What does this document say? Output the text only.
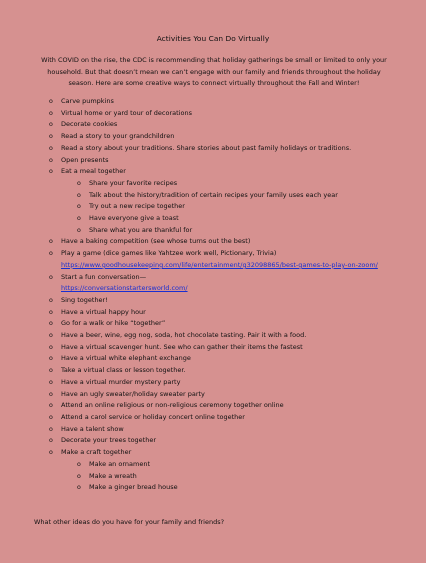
Activities You Can Do Virtually
With COVID on the rise, the CDC is recommending that holiday gatherings be small or limited to only your household. But that doesn’t mean we can’t engage with our family and friends throughout the holiday season. Here are some creative ways to connect virtually throughout the Fall and Winter!
o Carve pumpkins
o Virtual home or yard tour of decorations
o Decorate cookies
o Read a story to your grandchildren
o Read a story about your traditions. Share stories about past family holidays or traditions.
o Open presents
o Eat a meal together
o Share your favorite recipes
o Talk about the history/tradition of certain recipes your family uses each year
o Try out a new recipe together
o Have everyone give a toast
o Share what you are thankful for
o Have a baking competition (see whose turns out the best)
o Play a game (dice games like Yahtzee work well, Pictionary, Trivia)
https://www.goodhousekeeping.com/life/entertainment/g32098865/best-games-to-play-on-zoom/
o Start a fun conversation—
https://conversationstartersworld.com/
o Sing together!
o Have a virtual happy hour
o Go for a walk or hike “together”
o Have a beer, wine, egg nog, soda, hot chocolate tasting. Pair it with a food.
o Have a virtual scavenger hunt. See who can gather their items the fastest
o Have a virtual white elephant exchange
o Take a virtual class or lesson together.
o Have a virtual murder mystery party
o Have an ugly sweater/holiday sweater party
o Attend an online religious or non-religious ceremony together online
o Attend a carol service or holiday concert online together
o Have a talent show
o Decorate your trees together
o Make a craft together
o Make an ornament
o Make a wreath
o Make a ginger bread house
What other ideas do you have for your family and friends?
